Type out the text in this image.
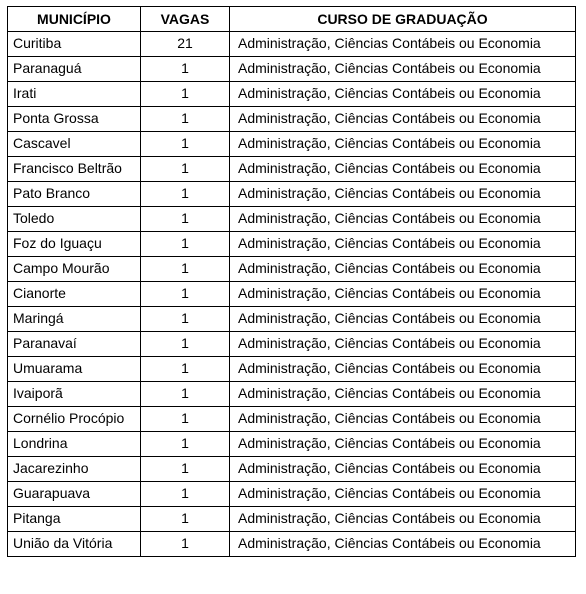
MUNICÍPIO	VAGAS	CURSO DE GRADUAÇÃO
Curitiba	21	Administração, Ciências Contábeis ou Economia
Paranaguá	1	Administração, Ciências Contábeis ou Economia
Irati	1	Administração, Ciências Contábeis ou Economia
Ponta Grossa	1	Administração, Ciências Contábeis ou Economia
Cascavel	1	Administração, Ciências Contábeis ou Economia
Francisco Beltrão	1	Administração, Ciências Contábeis ou Economia
Pato Branco	1	Administração, Ciências Contábeis ou Economia
Toledo	1	Administração, Ciências Contábeis ou Economia
Foz do Iguaçu	1	Administração, Ciências Contábeis ou Economia
Campo Mourão	1	Administração, Ciências Contábeis ou Economia
Cianorte	1	Administração, Ciências Contábeis ou Economia
Maringá	1	Administração, Ciências Contábeis ou Economia
Paranavaí	1	Administração, Ciências Contábeis ou Economia
Umuarama	1	Administração, Ciências Contábeis ou Economia
Ivaiporã	1	Administração, Ciências Contábeis ou Economia
Cornélio Procópio	1	Administração, Ciências Contábeis ou Economia
Londrina	1	Administração, Ciências Contábeis ou Economia
Jacarezinho	1	Administração, Ciências Contábeis ou Economia
Guarapuava	1	Administração, Ciências Contábeis ou Economia
Pitanga	1	Administração, Ciências Contábeis ou Economia
União da Vitória	1	Administração, Ciências Contábeis ou Economia
